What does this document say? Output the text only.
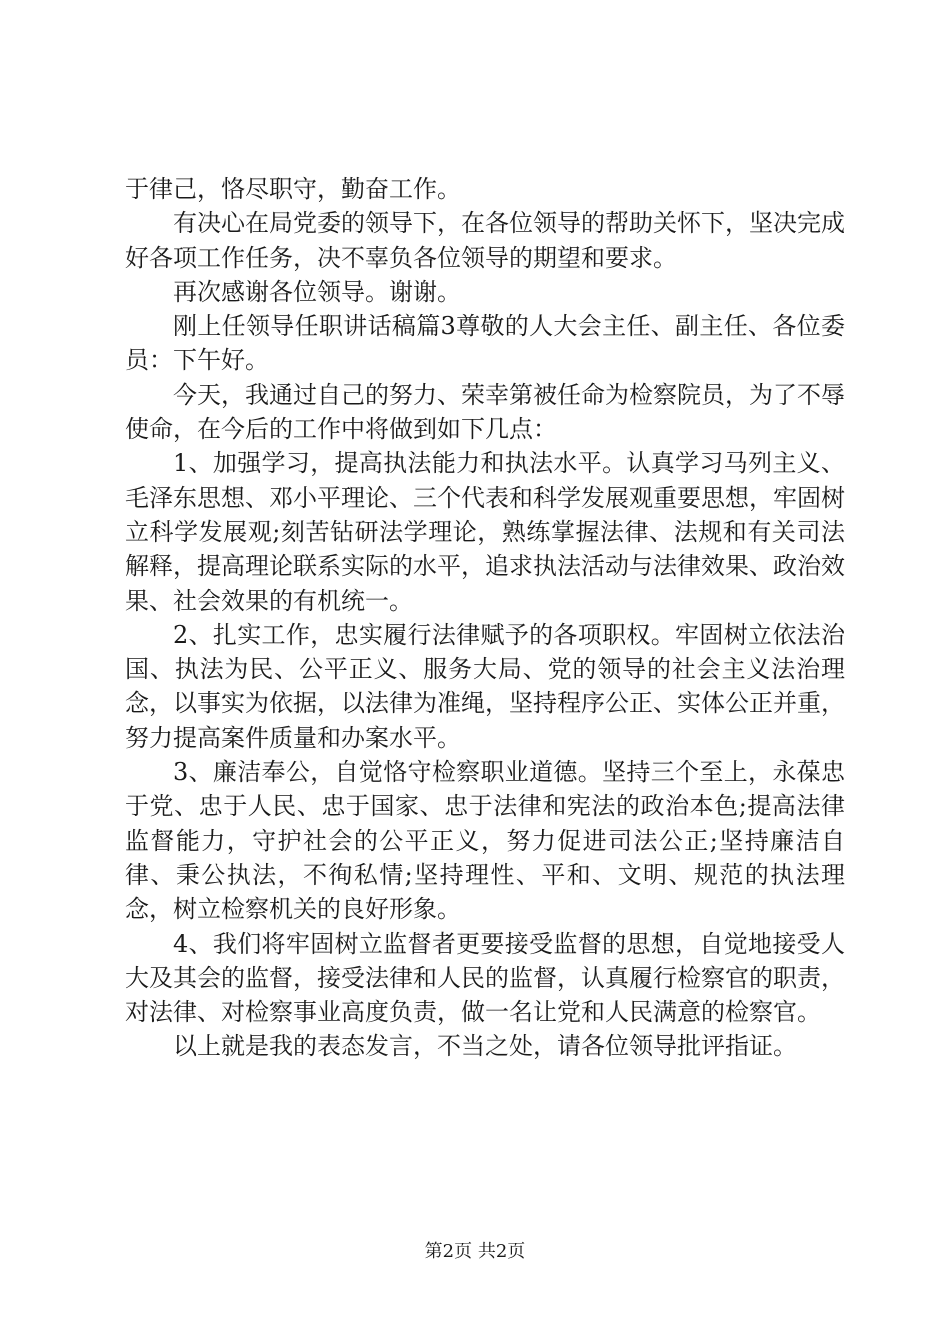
于律己，恪尽职守，勤奋工作。

有决心在局党委的领导下，在各位领导的帮助关怀下，坚决完成好各项工作任务，决不辜负各位领导的期望和要求。

再次感谢各位领导。谢谢。

刚上任领导任职讲话稿篇3尊敬的人大会主任、副主任、各位委员：下午好。

今天，我通过自己的努力、荣幸第被任命为检察院员，为了不辱使命，在今后的工作中将做到如下几点：

1、加强学习，提高执法能力和执法水平。认真学习马列主义、毛泽东思想、邓小平理论、三个代表和科学发展观重要思想，牢固树立科学发展观;刻苦钻研法学理论，熟练掌握法律、法规和有关司法解释，提高理论联系实际的水平，追求执法活动与法律效果、政治效果、社会效果的有机统一。

2、扎实工作，忠实履行法律赋予的各项职权。牢固树立依法治国、执法为民、公平正义、服务大局、党的领导的社会主义法治理念，以事实为依据，以法律为准绳，坚持程序公正、实体公正并重，努力提高案件质量和办案水平。

3、廉洁奉公，自觉恪守检察职业道德。坚持三个至上，永葆忠于党、忠于人民、忠于国家、忠于法律和宪法的政治本色;提高法律监督能力，守护社会的公平正义，努力促进司法公正;坚持廉洁自律、秉公执法，不徇私情;坚持理性、平和、文明、规范的执法理念，树立检察机关的良好形象。

4、我们将牢固树立监督者更要接受监督的思想，自觉地接受人大及其会的监督，接受法律和人民的监督，认真履行检察官的职责，对法律、对检察事业高度负责，做一名让党和人民满意的检察官。

以上就是我的表态发言，不当之处，请各位领导批评指证。

第2页 共2页
